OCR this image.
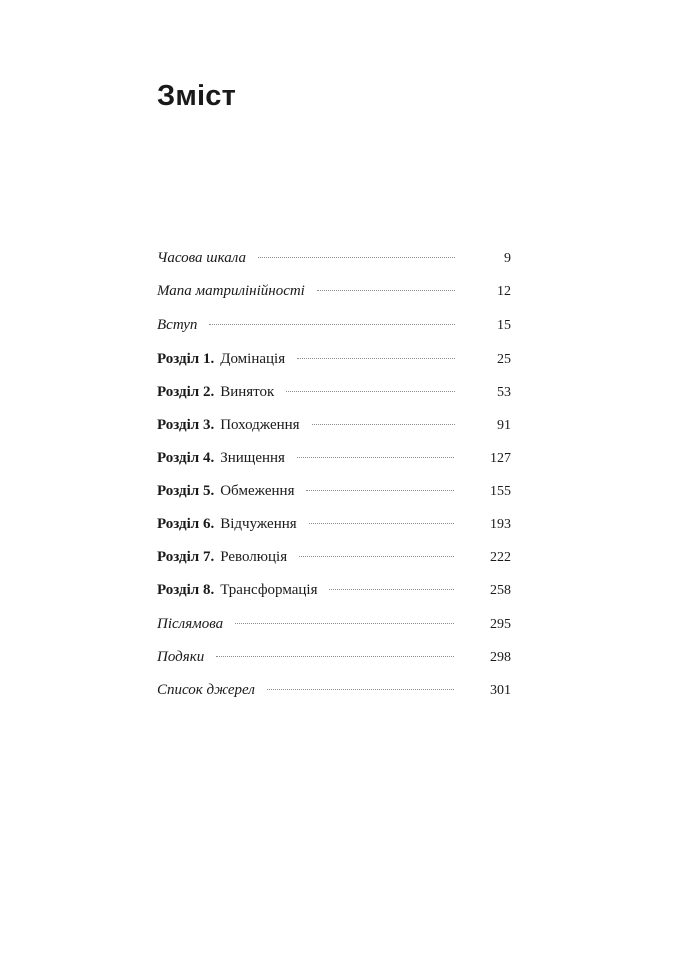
Зміст
Часова шкала	9
Мапа матрилінійності	12
Вступ	15
Розділ 1. Домінація	25
Розділ 2. Виняток	53
Розділ 3. Походження	91
Розділ 4. Знищення	127
Розділ 5. Обмеження	155
Розділ 6. Відчуження	193
Розділ 7. Революція	222
Розділ 8. Трансформація	258
Післямова	295
Подяки	298
Список джерел	301
